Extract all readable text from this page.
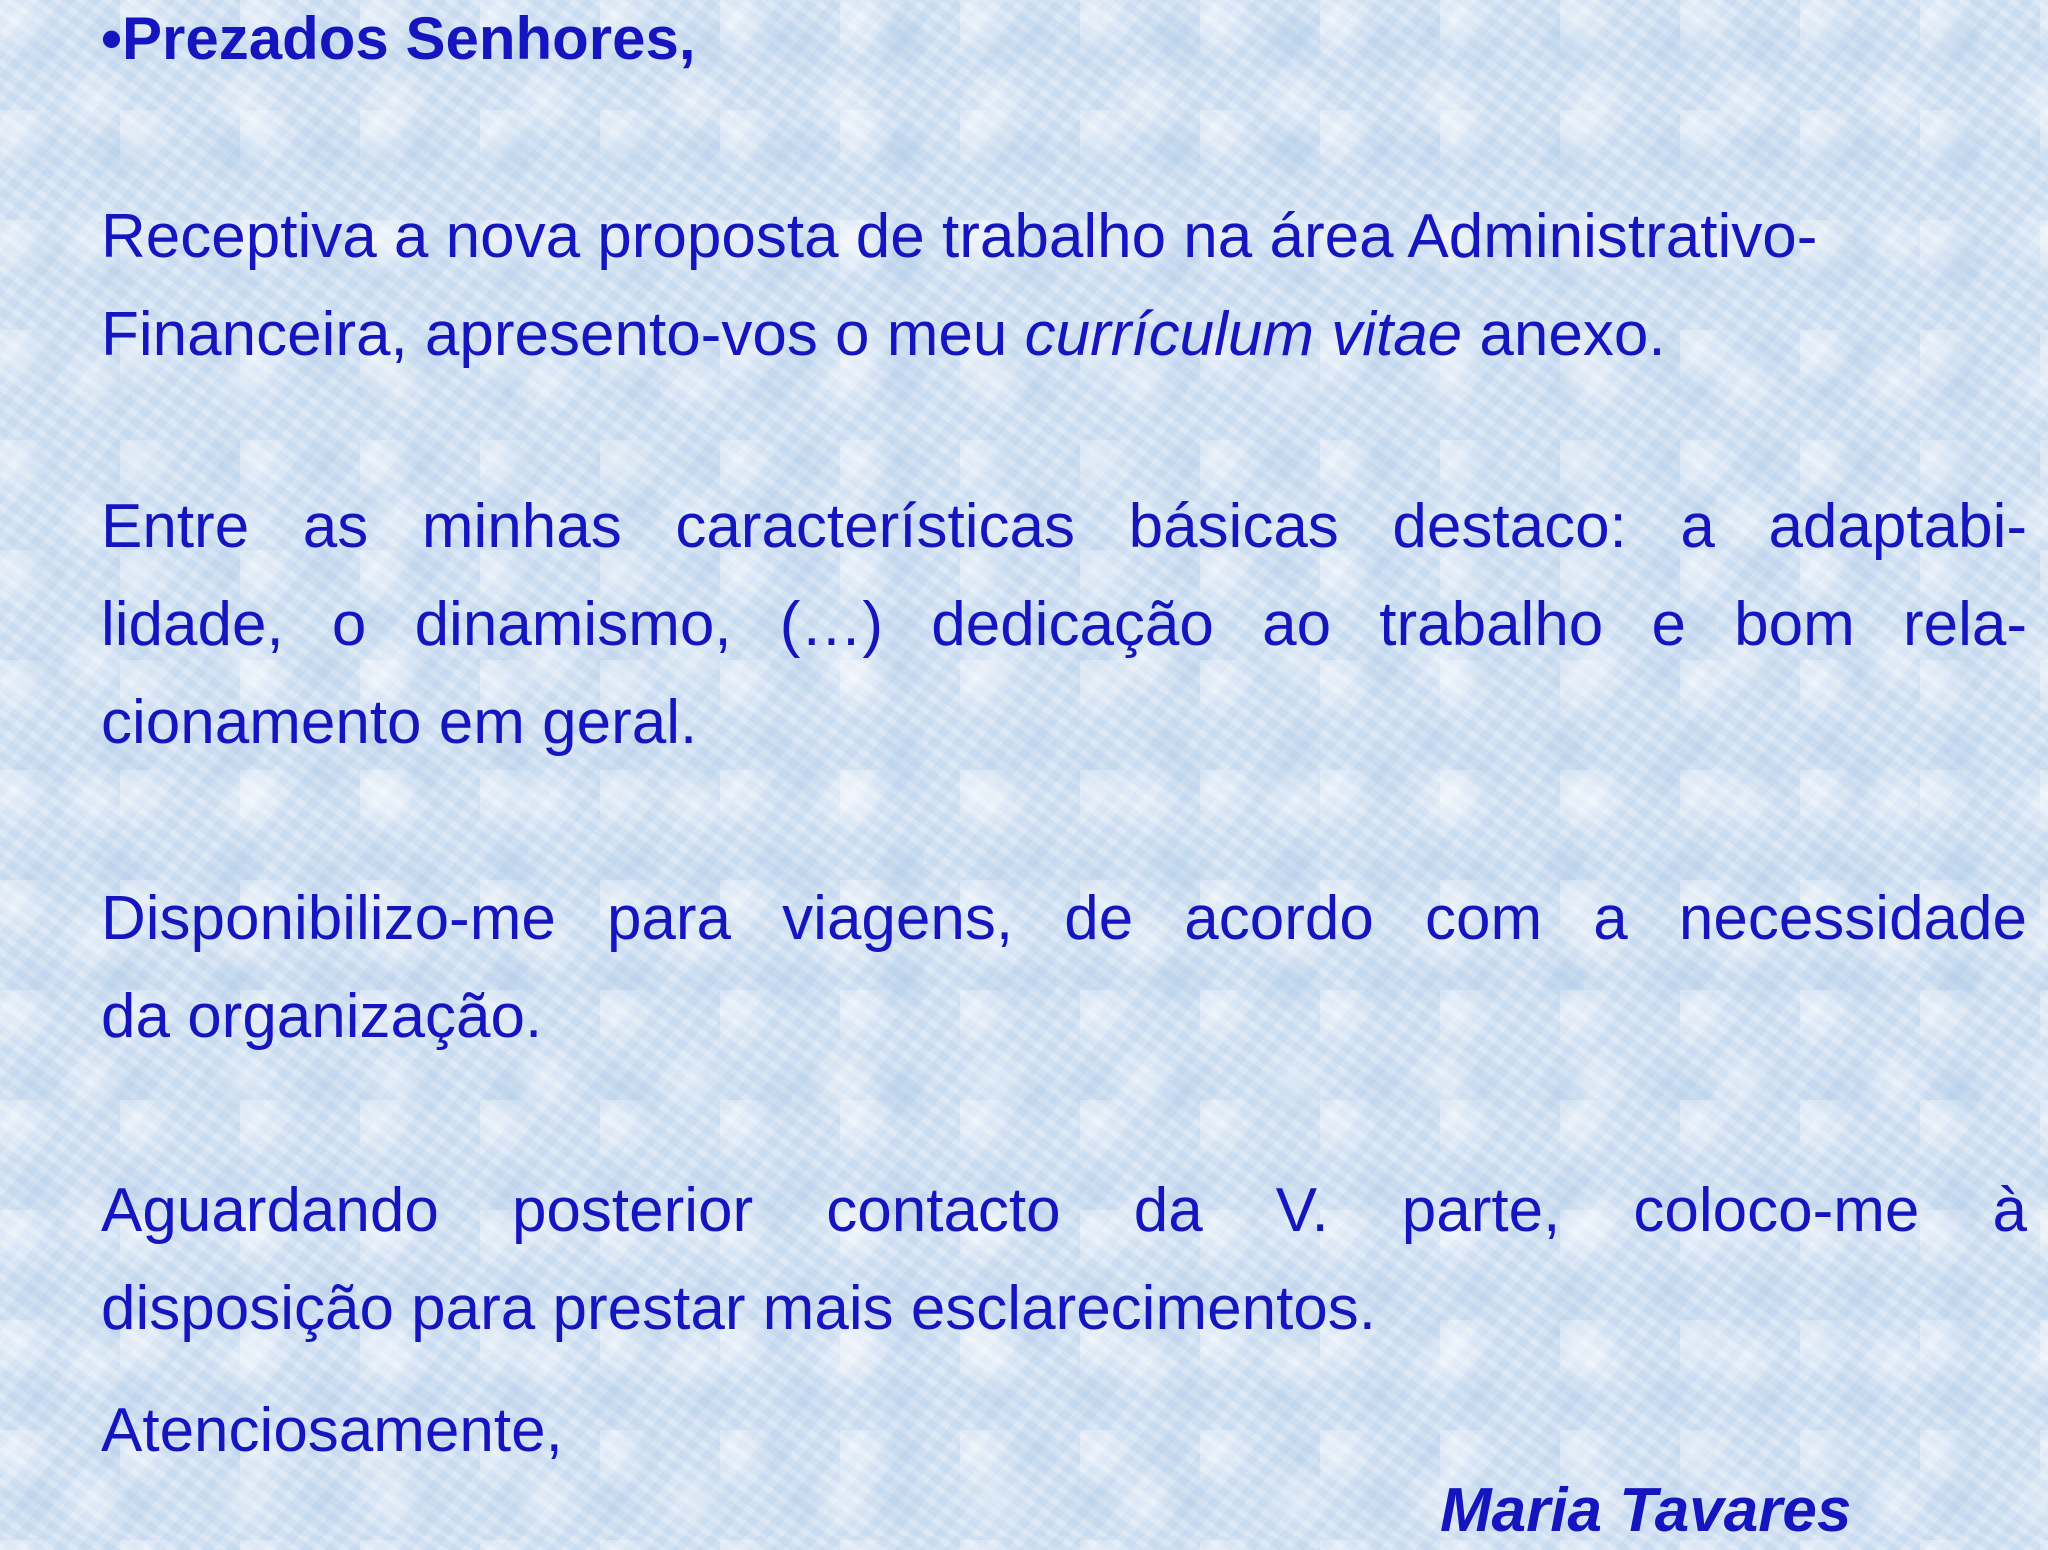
•Prezados Senhores,

Receptiva a nova proposta de trabalho na área Administrativo-
Financeira, apresento-vos o meu currículum vitae anexo.
Entre as minhas características básicas destaco: a adaptabi-
lidade, o dinamismo, (…) dedicação ao trabalho e bom rela-
cionamento em geral.
Disponibilizo-me para viagens, de acordo com a necessidade
da organização.
Aguardando posterior contacto da V. parte, coloco-me à
disposição para prestar mais esclarecimentos.

Atenciosamente,

Maria Tavares
